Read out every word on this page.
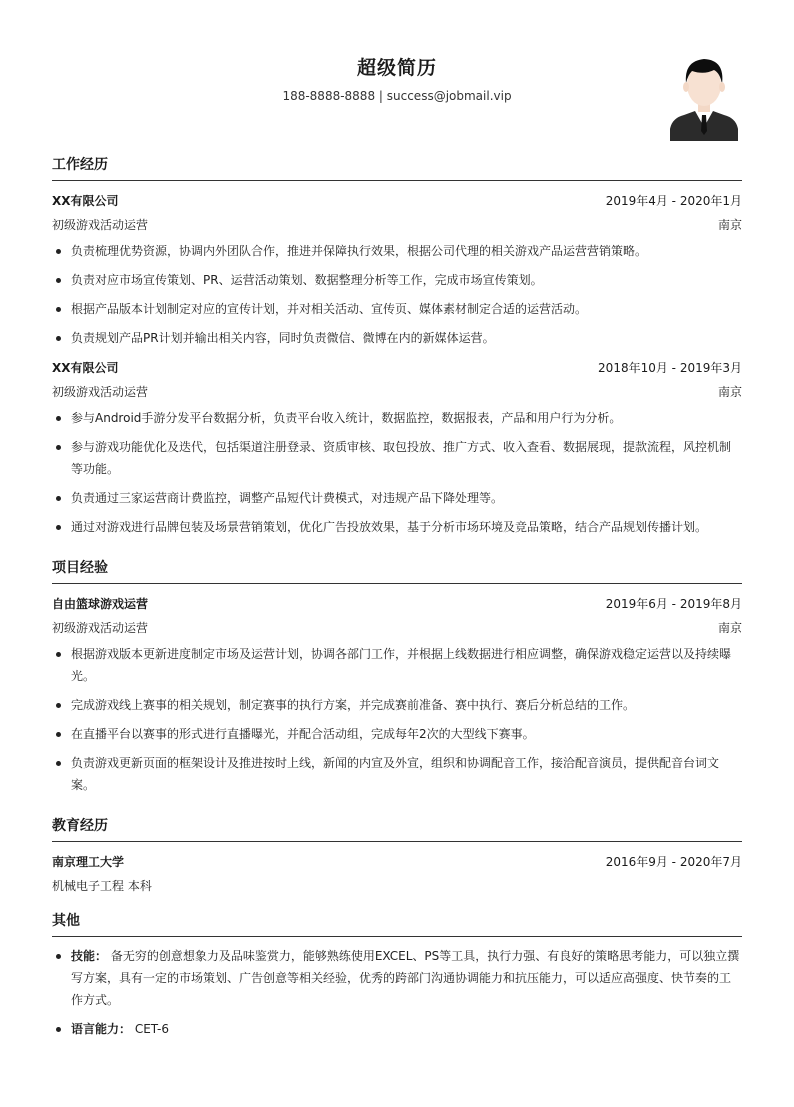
超级简历
188-8888-8888 | success@jobmail.vip
工作经历
XX有限公司	2019年4月 - 2020年1月
初级游戏活动运营	南京
负责梳理优势资源，协调内外团队合作，推进并保障执行效果，根据公司代理的相关游戏产品运营营销策略。
负责对应市场宣传策划、PR、运营活动策划、数据整理分析等工作，完成市场宣传策划。
根据产品版本计划制定对应的宣传计划，并对相关活动、宣传页、媒体素材制定合适的运营活动。
负责规划产品PR计划并输出相关内容，同时负责微信、微博在内的新媒体运营。
XX有限公司	2018年10月 - 2019年3月
初级游戏活动运营	南京
参与Android手游分发平台数据分析，负责平台收入统计，数据监控，数据报表，产品和用户行为分析。
参与游戏功能优化及迭代，包括渠道注册登录、资质审核、取包投放、推广方式、收入查看、数据展现，提款流程，风控机制等功能。
负责通过三家运营商计费监控，调整产品短代计费模式，对违规产品下降处理等。
通过对游戏进行品牌包装及场景营销策划，优化广告投放效果，基于分析市场环境及竞品策略，结合产品规划传播计划。
项目经验
自由篮球游戏运营	2019年6月 - 2019年8月
初级游戏活动运营	南京
根据游戏版本更新进度制定市场及运营计划，协调各部门工作，并根据上线数据进行相应调整，确保游戏稳定运营以及持续曝光。
完成游戏线上赛事的相关规划，制定赛事的执行方案，并完成赛前准备、赛中执行、赛后分析总结的工作。
在直播平台以赛事的形式进行直播曝光，并配合活动组，完成每年2次的大型线下赛事。
负责游戏更新页面的框架设计及推进按时上线，新闻的内宣及外宣，组织和协调配音工作，接洽配音演员，提供配音台词文案。
教育经历
南京理工大学	2016年9月 - 2020年7月
机械电子工程 本科
其他
技能： 备无穷的创意想象力及品味鉴赏力，能够熟练使用EXCEL、PS等工具，执行力强、有良好的策略思考能力，可以独立撰写方案，具有一定的市场策划、广告创意等相关经验，优秀的跨部门沟通协调能力和抗压能力，可以适应高强度、快节奏的工作方式。
语言能力： CET-6
